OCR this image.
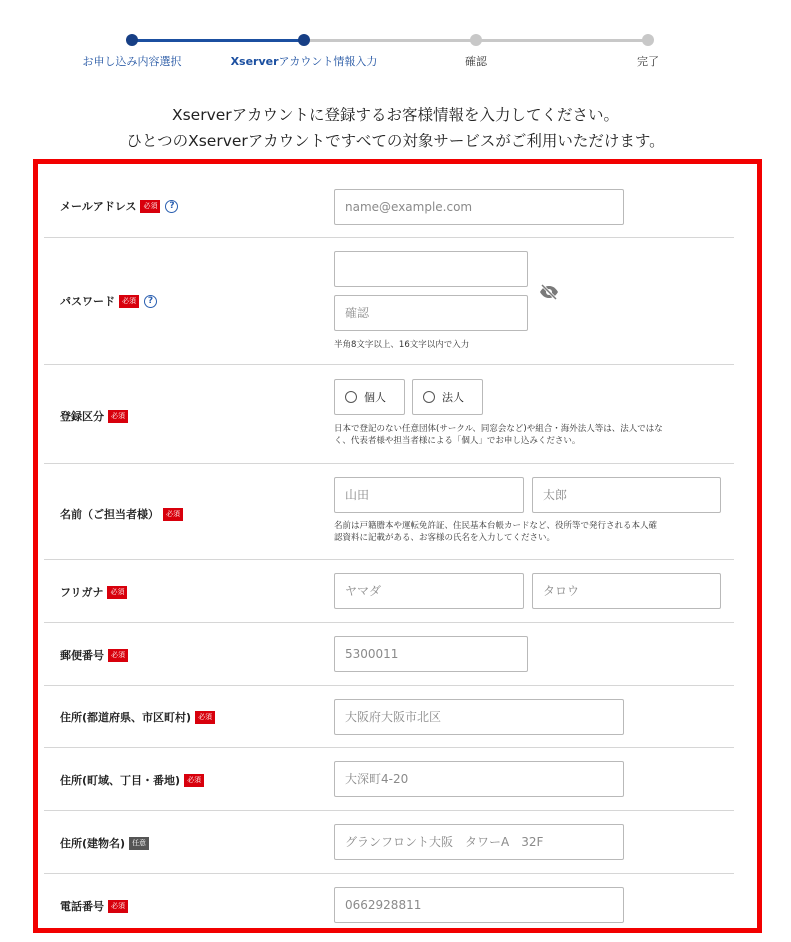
お申し込み内容選択	Xserverアカウント情報入力	確認	完了
Xserverアカウントに登録するお客様情報を入力してください。
ひとつのXserverアカウントですべての対象サービスがご利用いただけます。
メールアドレス	必須	?
name@example.com
パスワード	必須	?
半角8文字以上、16文字以内で入力
登録区分	必須
個人	法人
日本で登記のない任意団体(サークル、同窓会など)や組合・海外法人等は、法人ではな
く、代表者様や担当者様による「個人」でお申し込みください。
名前（ご担当者様）	必須
山田
太郎
名前は戸籍謄本や運転免許証、住民基本台帳カードなど、役所等で発行される本人確
認資料に記載がある、お客様の氏名を入力してください。
フリガナ	必須
ヤマダ
タロウ
郵便番号	必須
5300011
住所(都道府県、市区町村)	必須
大阪府大阪市北区
住所(町域、丁目・番地)	必須
大深町4-20
住所(建物名)	任意
グランフロント大阪　タワーA　32F
電話番号	必須
0662928811
